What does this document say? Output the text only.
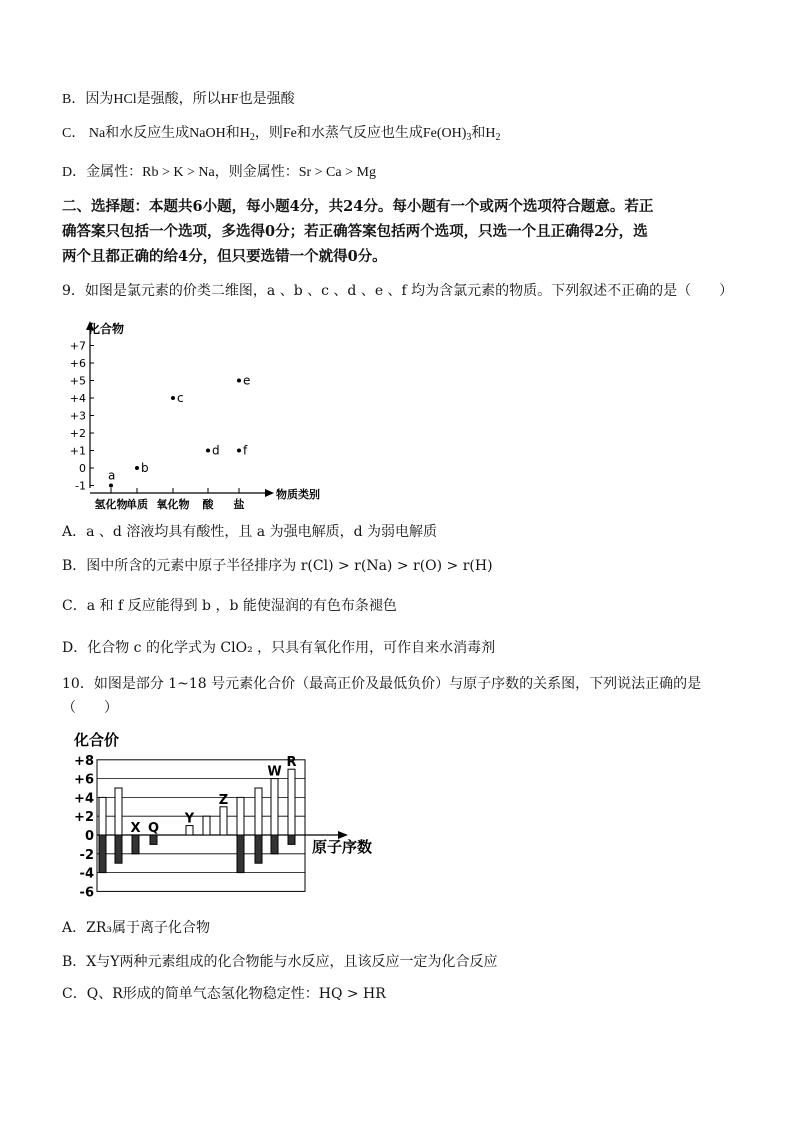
B．因为HCl是强酸，所以HF也是强酸
C． Na和水反应生成NaOH和$H_2$，则Fe和水蒸气反应也生成$Fe(OH)_3$和$H_2$
D．金属性：Rb > K > Na，则金属性：Sr > Ca > Mg
二、选择题：本题共6小题，每小题4分，共24分。每小题有一个或两个选项符合题意。若正
确答案只包括一个选项，多选得0分；若正确答案包括两个选项，只选一个且正确得2分，选
两个且都正确的给4分，但只要选错一个就得0分。
9．如图是氯元素的价类二维图，a 、b 、c 、d 、e 、f 均为含氯元素的物质。下列叙述不正确的是（　　）
化合物
物质类别
+7
+6
+5
+4
+3
+2
+1
0
-1
氢化物
单质 氧化物 酸 盐
a
b
c
d
e
f
A．a 、d 溶液均具有酸性，且 a 为强电解质，d 为弱电解质
B．图中所含的元素中原子半径排序为 r(Cl) > r(Na) > r(O) > r(H)
C．a 和 f 反应能得到 b ，b 能使湿润的有色布条褪色
D．化合物 c 的化学式为 ClO₂ ，只具有氧化作用，可作自来水消毒剂
10．如图是部分 1~18 号元素化合价（最高正价及最低负价）与原子序数的关系图，下列说法正确的是
（　　）
+8
+6
+4
+2
0
-2
-4
-6
化合价
原子序数
X Q
Y
Z
W
R
A．ZR₃属于离子化合物
B．X与Y两种元素组成的化合物能与水反应，且该反应一定为化合反应
C．Q、R形成的简单气态氢化物稳定性：HQ > HR
